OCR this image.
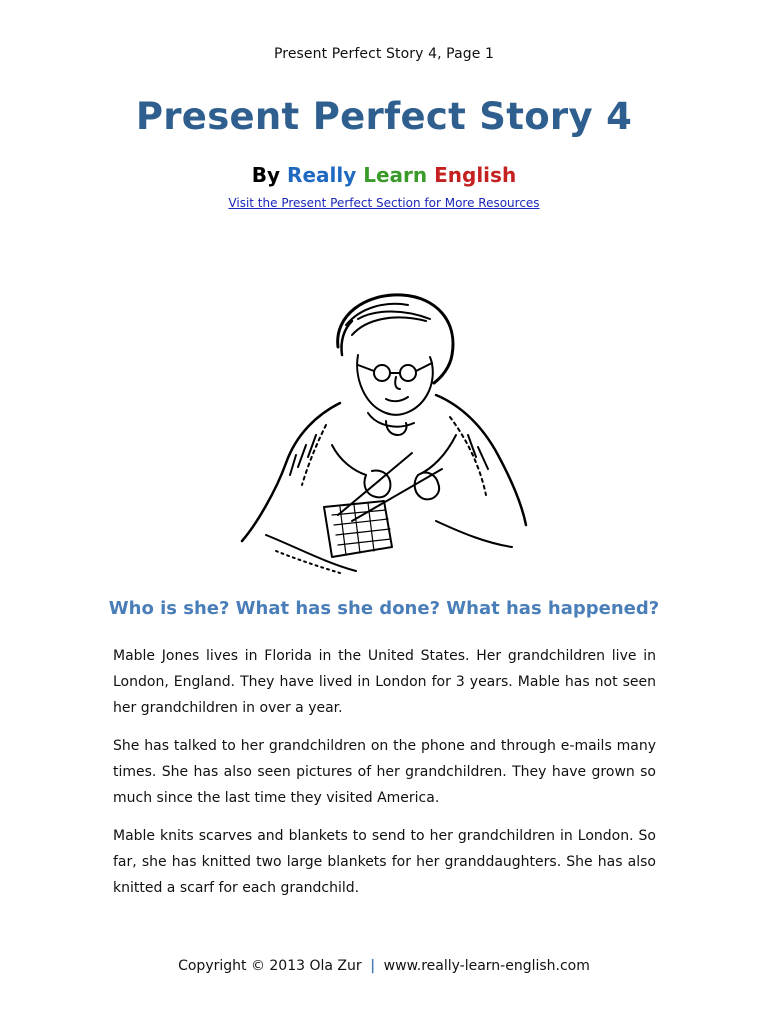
Present Perfect Story 4, Page 1
Present Perfect Story 4
By Really Learn English
Visit the Present Perfect Section for More Resources
Who is she? What has she done? What has happened?

Mable Jones lives in Florida in the United States. Her grandchildren live in London, England. They have lived in London for 3 years. Mable has not seen her grandchildren in over a year.

She has talked to her grandchildren on the phone and through e-mails many times. She has also seen pictures of her grandchildren. They have grown so much since the last time they visited America.

Mable knits scarves and blankets to send to her grandchildren in London. So far, she has knitted two large blankets for her granddaughters. She has also knitted a scarf for each grandchild.

Copyright © 2013 Ola Zur | www.really-learn-english.com
